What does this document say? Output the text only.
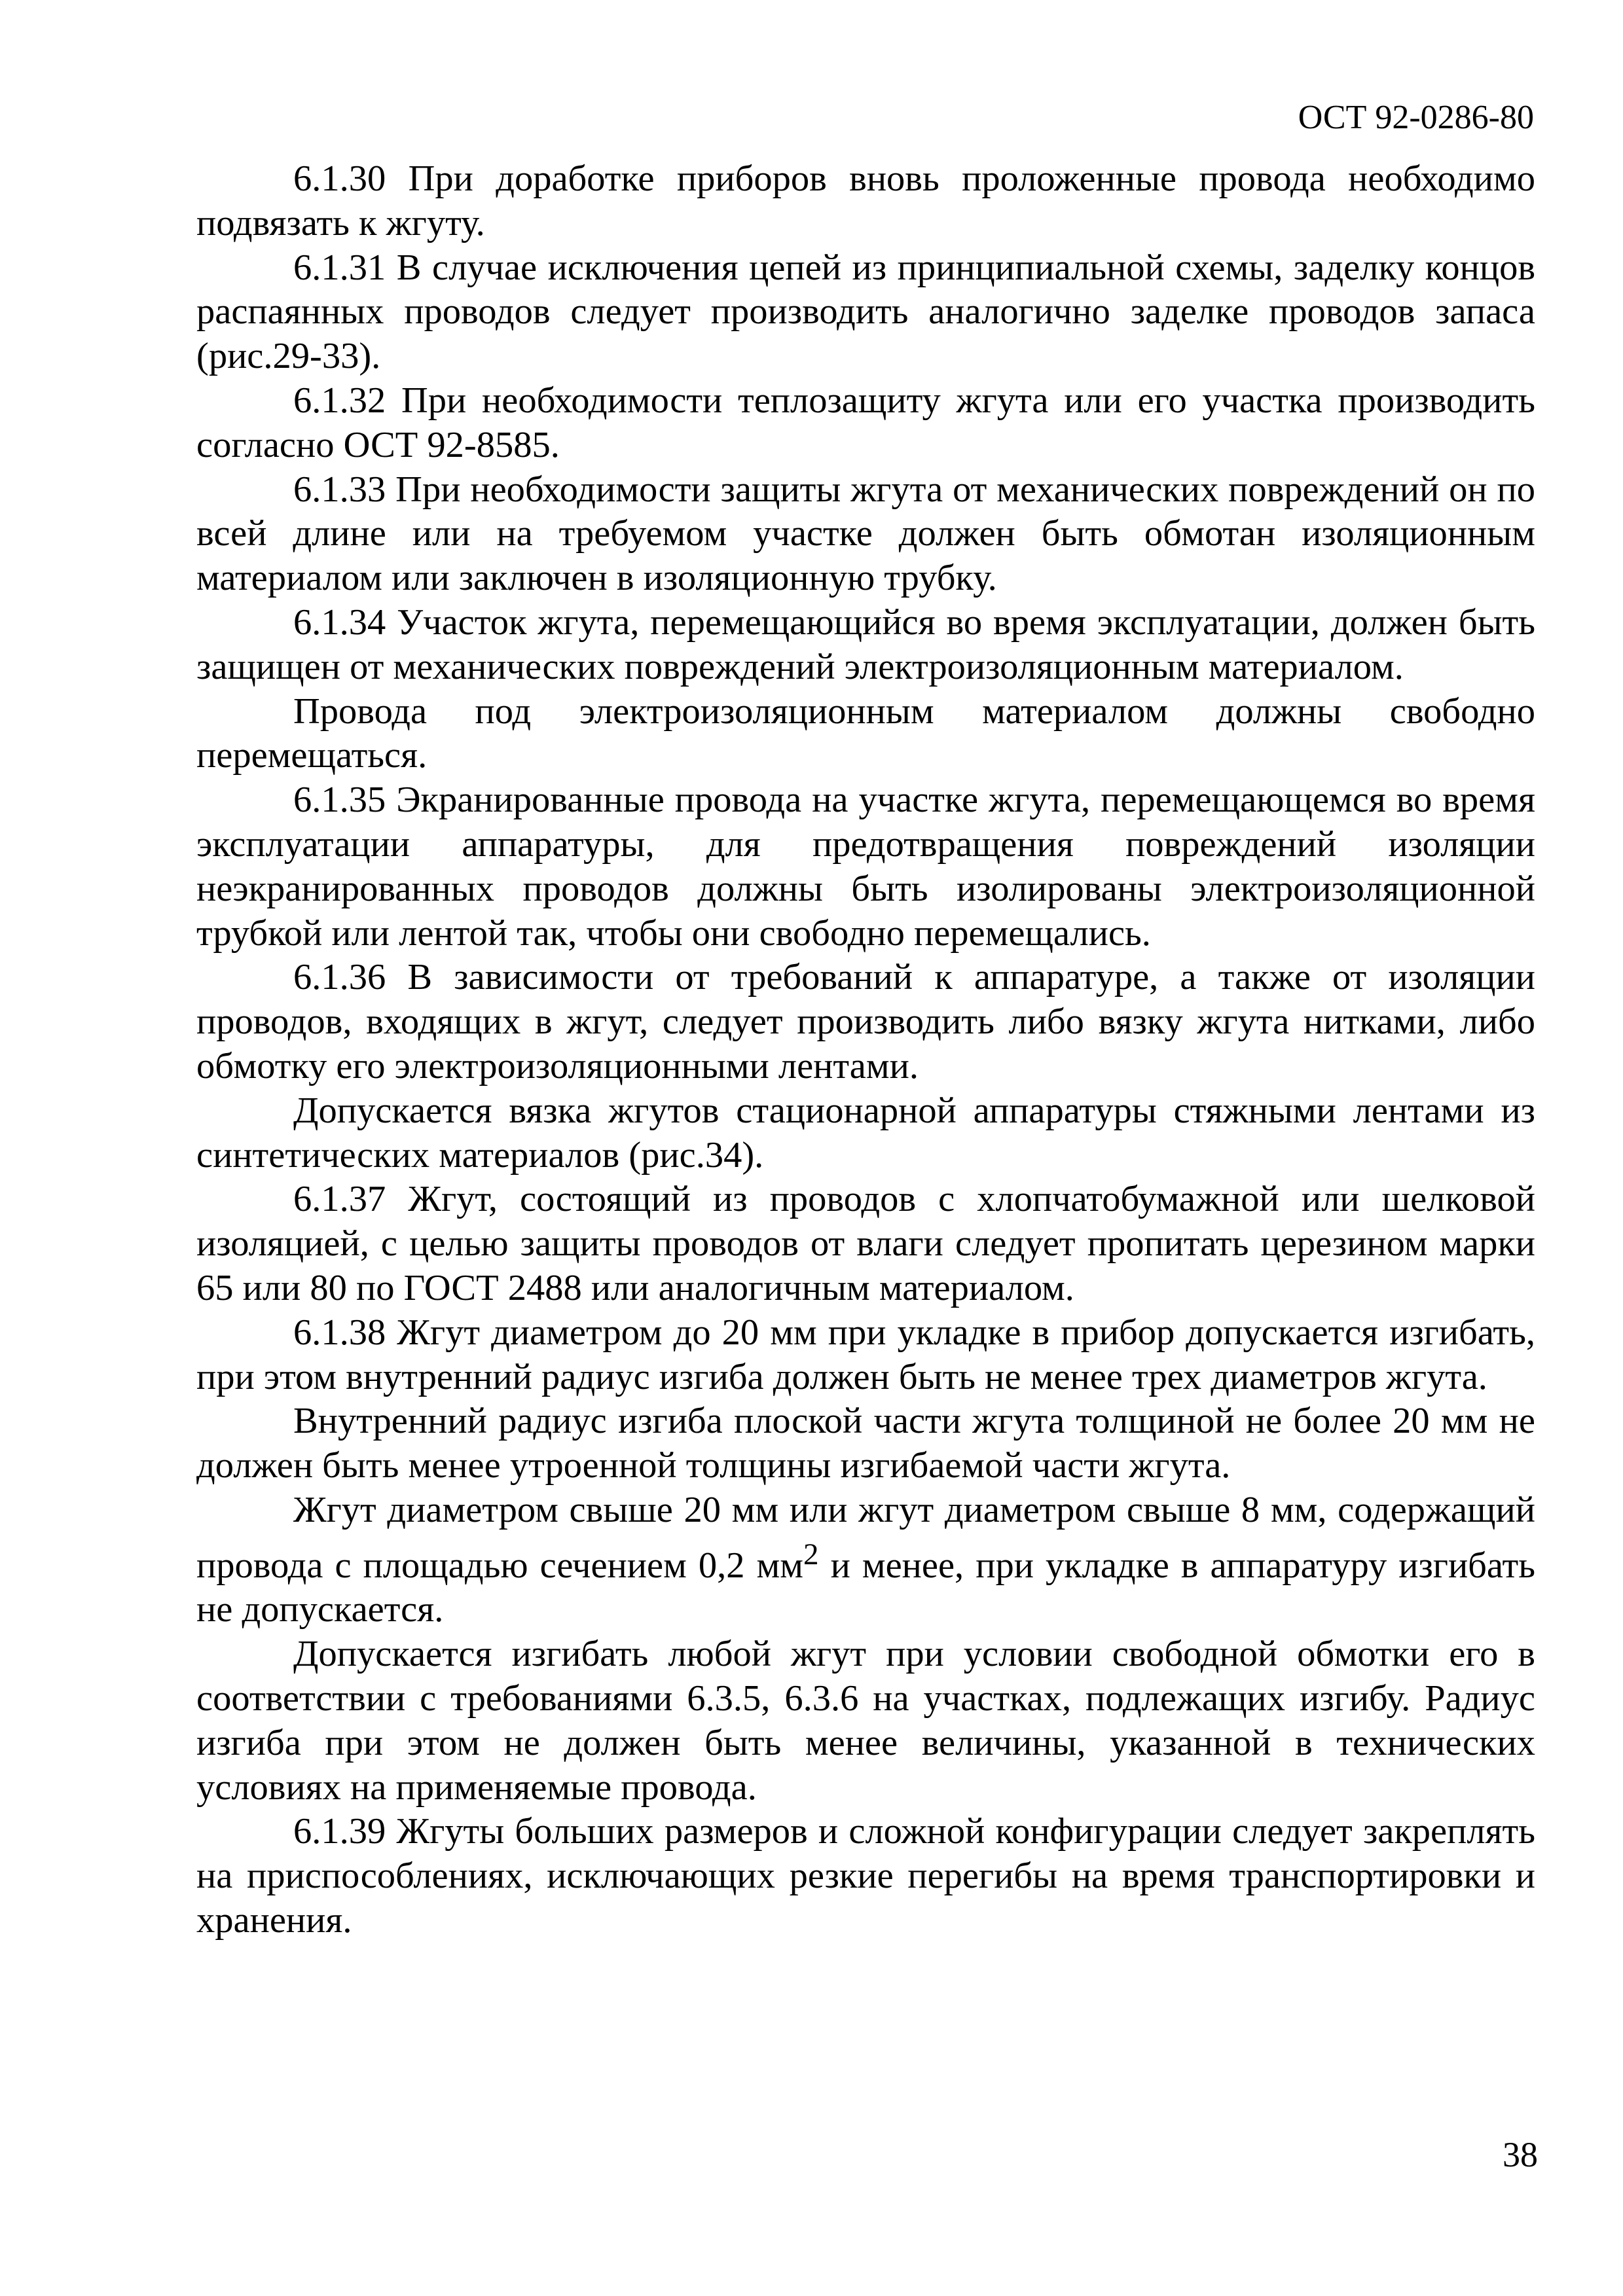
ОСТ 92-0286-80

6.1.30 При доработке приборов вновь проложенные провода необходимо подвязать к жгуту.

6.1.31 В случае исключения цепей из принципиальной схемы, заделку концов распаянных проводов следует производить аналогично заделке проводов запаса (рис.29-33).

6.1.32 При необходимости теплозащиту жгута или его участка производить согласно ОСТ 92-8585.

6.1.33 При необходимости защиты жгута от механических повреждений он по всей длине или на требуемом участке должен быть обмотан изоляционным материалом или заключен в изоляционную трубку.

6.1.34 Участок жгута, перемещающийся во время эксплуатации, должен быть защищен от механических повреждений электроизоляционным материалом.

Провода под электроизоляционным материалом должны свободно перемещаться.

6.1.35 Экранированные провода на участке жгута, перемещающемся во время эксплуатации аппаратуры, для предотвращения повреждений изоляции неэкранированных проводов должны быть изолированы электроизоляционной трубкой или лентой так, чтобы они свободно перемещались.

6.1.36 В зависимости от требований к аппаратуре, а также от изоляции проводов, входящих в жгут, следует производить либо вязку жгута нитками, либо обмотку его электроизоляционными лентами.

Допускается вязка жгутов стационарной аппаратуры стяжными лентами из синтетических материалов (рис.34).

6.1.37 Жгут, состоящий из проводов с хлопчатобумажной или шелковой изоляцией, с целью защиты проводов от влаги следует пропитать церезином марки 65 или 80 по ГОСТ 2488 или аналогичным материалом.

6.1.38 Жгут диаметром до 20 мм при укладке в прибор допускается изгибать, при этом внутренний радиус изгиба должен быть не менее трех диаметров жгута.

Внутренний радиус изгиба плоской части жгута толщиной не более 20 мм не должен быть менее утроенной толщины изгибаемой части жгута.

Жгут диаметром свыше 20 мм или жгут диаметром свыше 8 мм, содержащий провода с площадью сечением 0,2 $мм^2$ и менее, при укладке в аппаратуру изгибать не допускается.

Допускается изгибать любой жгут при условии свободной обмотки его в соответствии с требованиями 6.3.5, 6.3.6 на участках, подлежащих изгибу. Радиус изгиба при этом не должен быть менее величины, указанной в технических условиях на применяемые провода.

6.1.39 Жгуты больших размеров и сложной конфигурации следует закреплять на приспособлениях, исключающих резкие перегибы на время транспортировки и хранения.

38
